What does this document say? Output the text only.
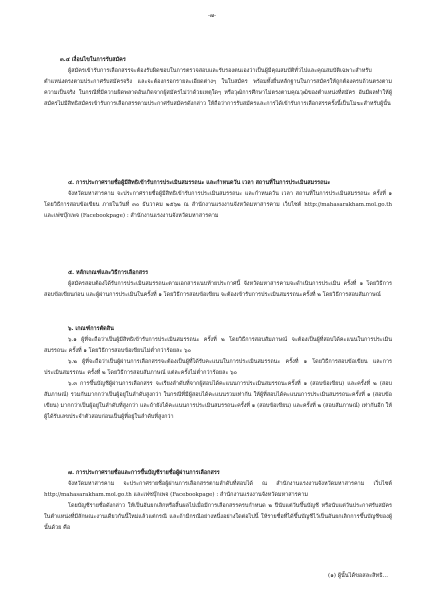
-๗-

๓.๔ เงื่อนไขในการรับสมัคร

ผู้สมัครเข้ารับการเลือกสรรจะต้องรับผิดชอบในการตรวจสอบและรับรองตนเองว่าเป็นผู้มีคุณสมบัติทั่วไปและคุณสมบัติเฉพาะสำหรับตำแหน่งตรงตามประกาศรับสมัครจริง และจะต้องกรอกรายละเอียดต่างๆ ในใบสมัคร พร้อมทั้งยื่นหลักฐานในการสมัครให้ถูกต้องครบถ้วนตรงตามความเป็นจริง ในกรณีที่มีความผิดพลาดอันเกิดจากผู้สมัครไม่ว่าด้วยเหตุใดๆ หรือวุฒิการศึกษาไม่ตรงตามคุณวุฒิของตำแหน่งที่สมัคร อันมีผลทำให้ผู้สมัครไม่มีสิทธิสมัครเข้ารับการเลือกสรรตามประกาศรับสมัครดังกล่าว ให้ถือว่าการรับสมัครและการได้เข้ารับการเลือกสรรครั้งนี้เป็นโมฆะสำหรับผู้นั้น

๔. การประกาศรายชื่อผู้มีสิทธิเข้ารับการประเมินสมรรถนะ และกำหนดวัน เวลา สถานที่ในการประเมินสมรรถนะ

จังหวัดมหาสารคาม จะประกาศรายชื่อผู้มีสิทธิเข้ารับการประเมินสมรรถนะ และกำหนดวัน เวลา สถานที่ในการประเมินสมรรถนะ ครั้งที่ ๑ โดยวิธีการสอบข้อเขียน ภายในวันที่ ๓๐ ธันวาคม ๒๕๖๒ ณ สำนักงานแรงงานจังหวัดมหาสารคาม เว็บไซต์ http://mahasarakham.mol.go.th และเฟซบุ๊กเพจ (Facebookpage) : สำนักงานแรงงานจังหวัดมหาสารคาม

๕. หลักเกณฑ์และวิธีการเลือกสรร

ผู้สมัครสอบต้องได้รับการประเมินสมรรถนะตามเอกสารแนบท้ายประกาศนี้ จังหวัดมหาสารคามจะดำเนินการประเมิน ครั้งที่ ๑ โดยวิธีการสอบข้อเขียนก่อน และผู้ผ่านการประเมินในครั้งที่ ๑ โดยวิธีการสอบข้อเขียน จะต้องเข้ารับการประเมินสมรรถนะครั้งที่ ๒ โดยวิธีการสอบสัมภาษณ์

๖. เกณฑ์การตัดสิน

๖.๑ ผู้ที่จะถือว่าเป็นผู้มีสิทธิเข้ารับการประเมินสมรรถนะ ครั้งที่ ๒ โดยวิธีการสอบสัมภาษณ์ จะต้องเป็นผู้ที่สอบได้คะแนนในการประเมินสมรรถนะ ครั้งที่ ๑ โดยวิธีการสอบข้อเขียนไม่ต่ำกว่าร้อยละ ๖๐

๖.๒ ผู้ที่จะถือว่าเป็นผู้ผ่านการเลือกสรรจะต้องเป็นผู้ที่ได้รับคะแนนในการประเมินสมรรถนะ ครั้งที่ ๑ โดยวิธีการสอบข้อเขียน และการประเมินสมรรถนะ ครั้งที่ ๒ โดยวิธีการสอบสัมภาษณ์ แต่ละครั้งไม่ต่ำกว่าร้อยละ ๖๐

๖.๓ การขึ้นบัญชีผู้ผ่านการเลือกสรร จะเรียงลำดับที่จากผู้สอบได้คะแนนการประเมินสมรรถนะครั้งที่ ๑ (สอบข้อเขียน) และครั้งที่ ๒ (สอบสัมภาษณ์) รวมกันมากกว่าเป็นผู้อยู่ในลำดับสูงกว่า ในกรณีที่มีผู้สอบได้คะแนนรวมเท่ากัน ให้ผู้ที่สอบได้คะแนนการประเมินสมรรถนะครั้งที่ ๑ (สอบข้อเขียน) มากกว่าเป็นผู้อยู่ในลำดับที่สูงกว่า และถ้ายังได้คะแนนการประเมินสมรรถนะครั้งที่ ๑ (สอบข้อเขียน) และครั้งที่ ๒ (สอบสัมภาษณ์) เท่ากันอีก ให้ผู้ได้รับเลขประจำตัวสอบก่อนเป็นผู้ที่อยู่ในลำดับที่สูงกว่า

๗. การประกาศรายชื่อและการขึ้นบัญชีรายชื่อผู้ผ่านการเลือกสรร

จังหวัดมหาสารคาม จะประกาศรายชื่อผู้ผ่านการเลือกสรรตามลำดับที่สอบได้ ณ สำนักงานแรงงานจังหวัดมหาสารคาม เว็บไซต์ http://mahasarakham.mol.go.th และเฟซบุ๊กเพจ (Facebookpage) : สำนักงานแรงงานจังหวัดมหาสารคาม

โดยบัญชีรายชื่อดังกล่าว ให้เป็นอันยกเลิกหรือสิ้นผลไปเมื่อมีการเลือกสรรครบกำหนด ๒ ปีนับแต่วันขึ้นบัญชี หรือนับแต่วันประกาศรับสมัครในตำแหน่งที่มีลักษณะงานเดียวกันนี้ใหม่แล้วแต่กรณี และถ้ามีกรณีอย่างหนึ่งอย่างใดต่อไปนี้ ให้รายชื่อที่ได้ขึ้นบัญชีไว้เป็นอันยกเลิกการขึ้นบัญชีของผู้นั้นด้วย คือ

(๑) ผู้นั้นได้ขอสละสิทธิ...
